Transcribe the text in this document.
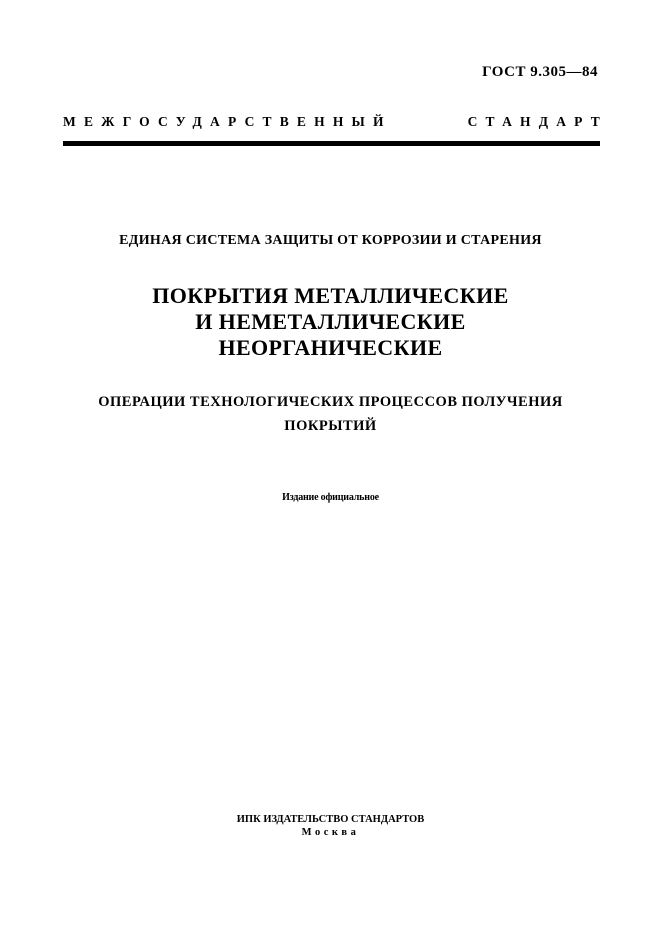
ГОСТ 9.305—84
МЕЖГОСУДАРСТВЕННЫЙ	СТАНДАРТ
ЕДИНАЯ СИСТЕМА ЗАЩИТЫ ОТ КОРРОЗИИ И СТАРЕНИЯ
ПОКРЫТИЯ МЕТАЛЛИЧЕСКИЕ
И НЕМЕТАЛЛИЧЕСКИЕ
НЕОРГАНИЧЕСКИЕ
ОПЕРАЦИИ ТЕХНОЛОГИЧЕСКИХ ПРОЦЕССОВ ПОЛУЧЕНИЯ
ПОКРЫТИЙ
Издание официальное
ИПК ИЗДАТЕЛЬСТВО СТАНДАРТОВ
Москва
